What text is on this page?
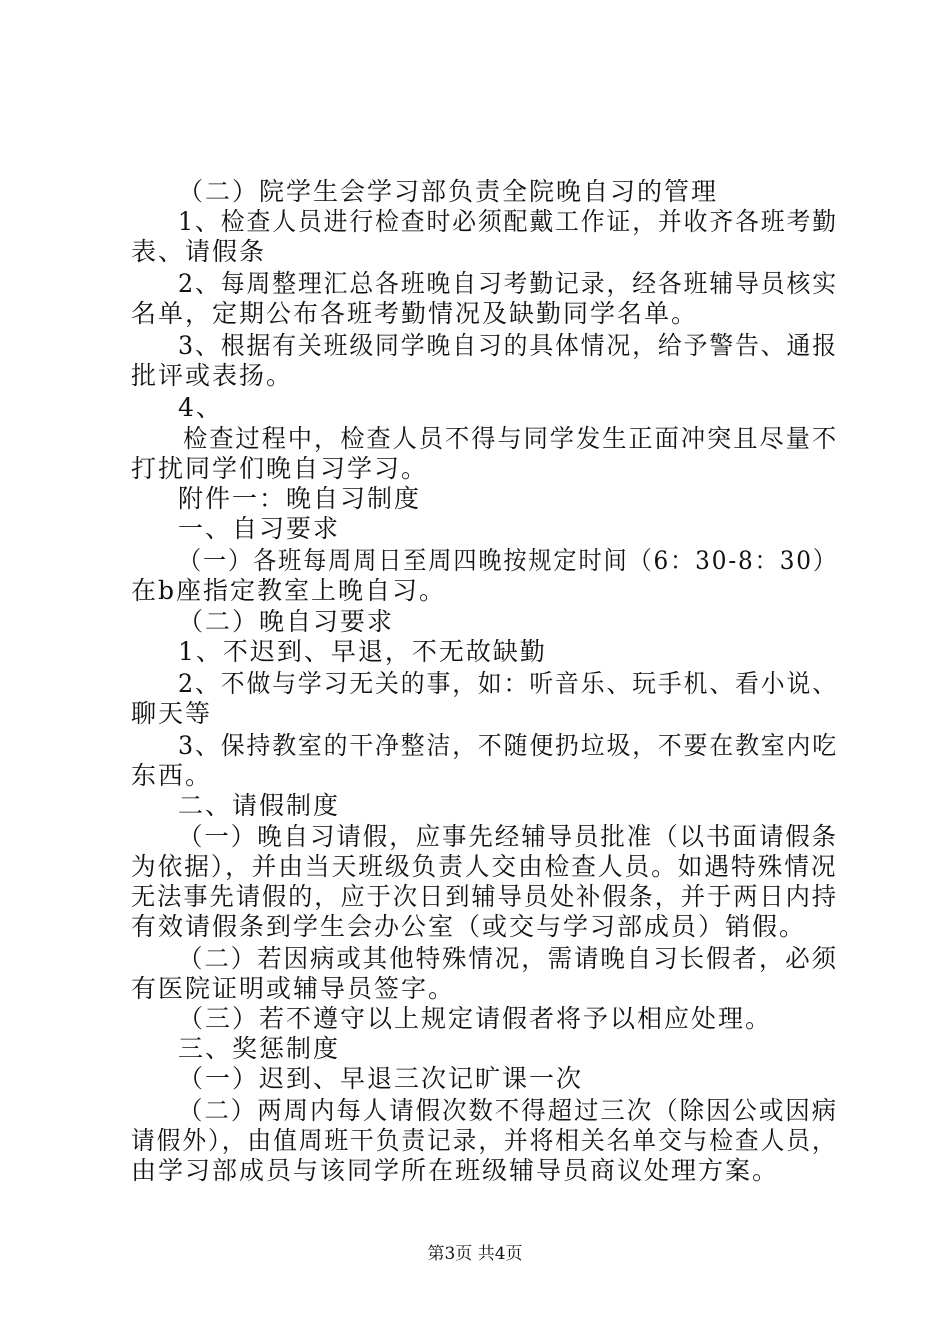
（二）院学生会学习部负责全院晚自习的管理
1、检查人员进行检查时必须配戴工作证，并收齐各班考勤
表、请假条
2、每周整理汇总各班晚自习考勤记录，经各班辅导员核实
名单，定期公布各班考勤情况及缺勤同学名单。
3、根据有关班级同学晚自习的具体情况，给予警告、通报
批评或表扬。
4、
检查过程中，检查人员不得与同学发生正面冲突且尽量不
打扰同学们晚自习学习。
附件一：晚自习制度
一、自习要求
（一）各班每周周日至周四晚按规定时间（6：30-8：30）
在b座指定教室上晚自习。
（二）晚自习要求
1、不迟到、早退，不无故缺勤
2、不做与学习无关的事，如：听音乐、玩手机、看小说、
聊天等
3、保持教室的干净整洁，不随便扔垃圾，不要在教室内吃
东西。
二、请假制度
（一）晚自习请假，应事先经辅导员批准（以书面请假条
为依据），并由当天班级负责人交由检查人员。如遇特殊情况
无法事先请假的，应于次日到辅导员处补假条，并于两日内持
有效请假条到学生会办公室（或交与学习部成员）销假。
（二）若因病或其他特殊情况，需请晚自习长假者，必须
有医院证明或辅导员签字。
（三）若不遵守以上规定请假者将予以相应处理。
三、奖惩制度
（一）迟到、早退三次记旷课一次
（二）两周内每人请假次数不得超过三次（除因公或因病
请假外），由值周班干负责记录，并将相关名单交与检查人员，
由学习部成员与该同学所在班级辅导员商议处理方案。
第3页 共4页
